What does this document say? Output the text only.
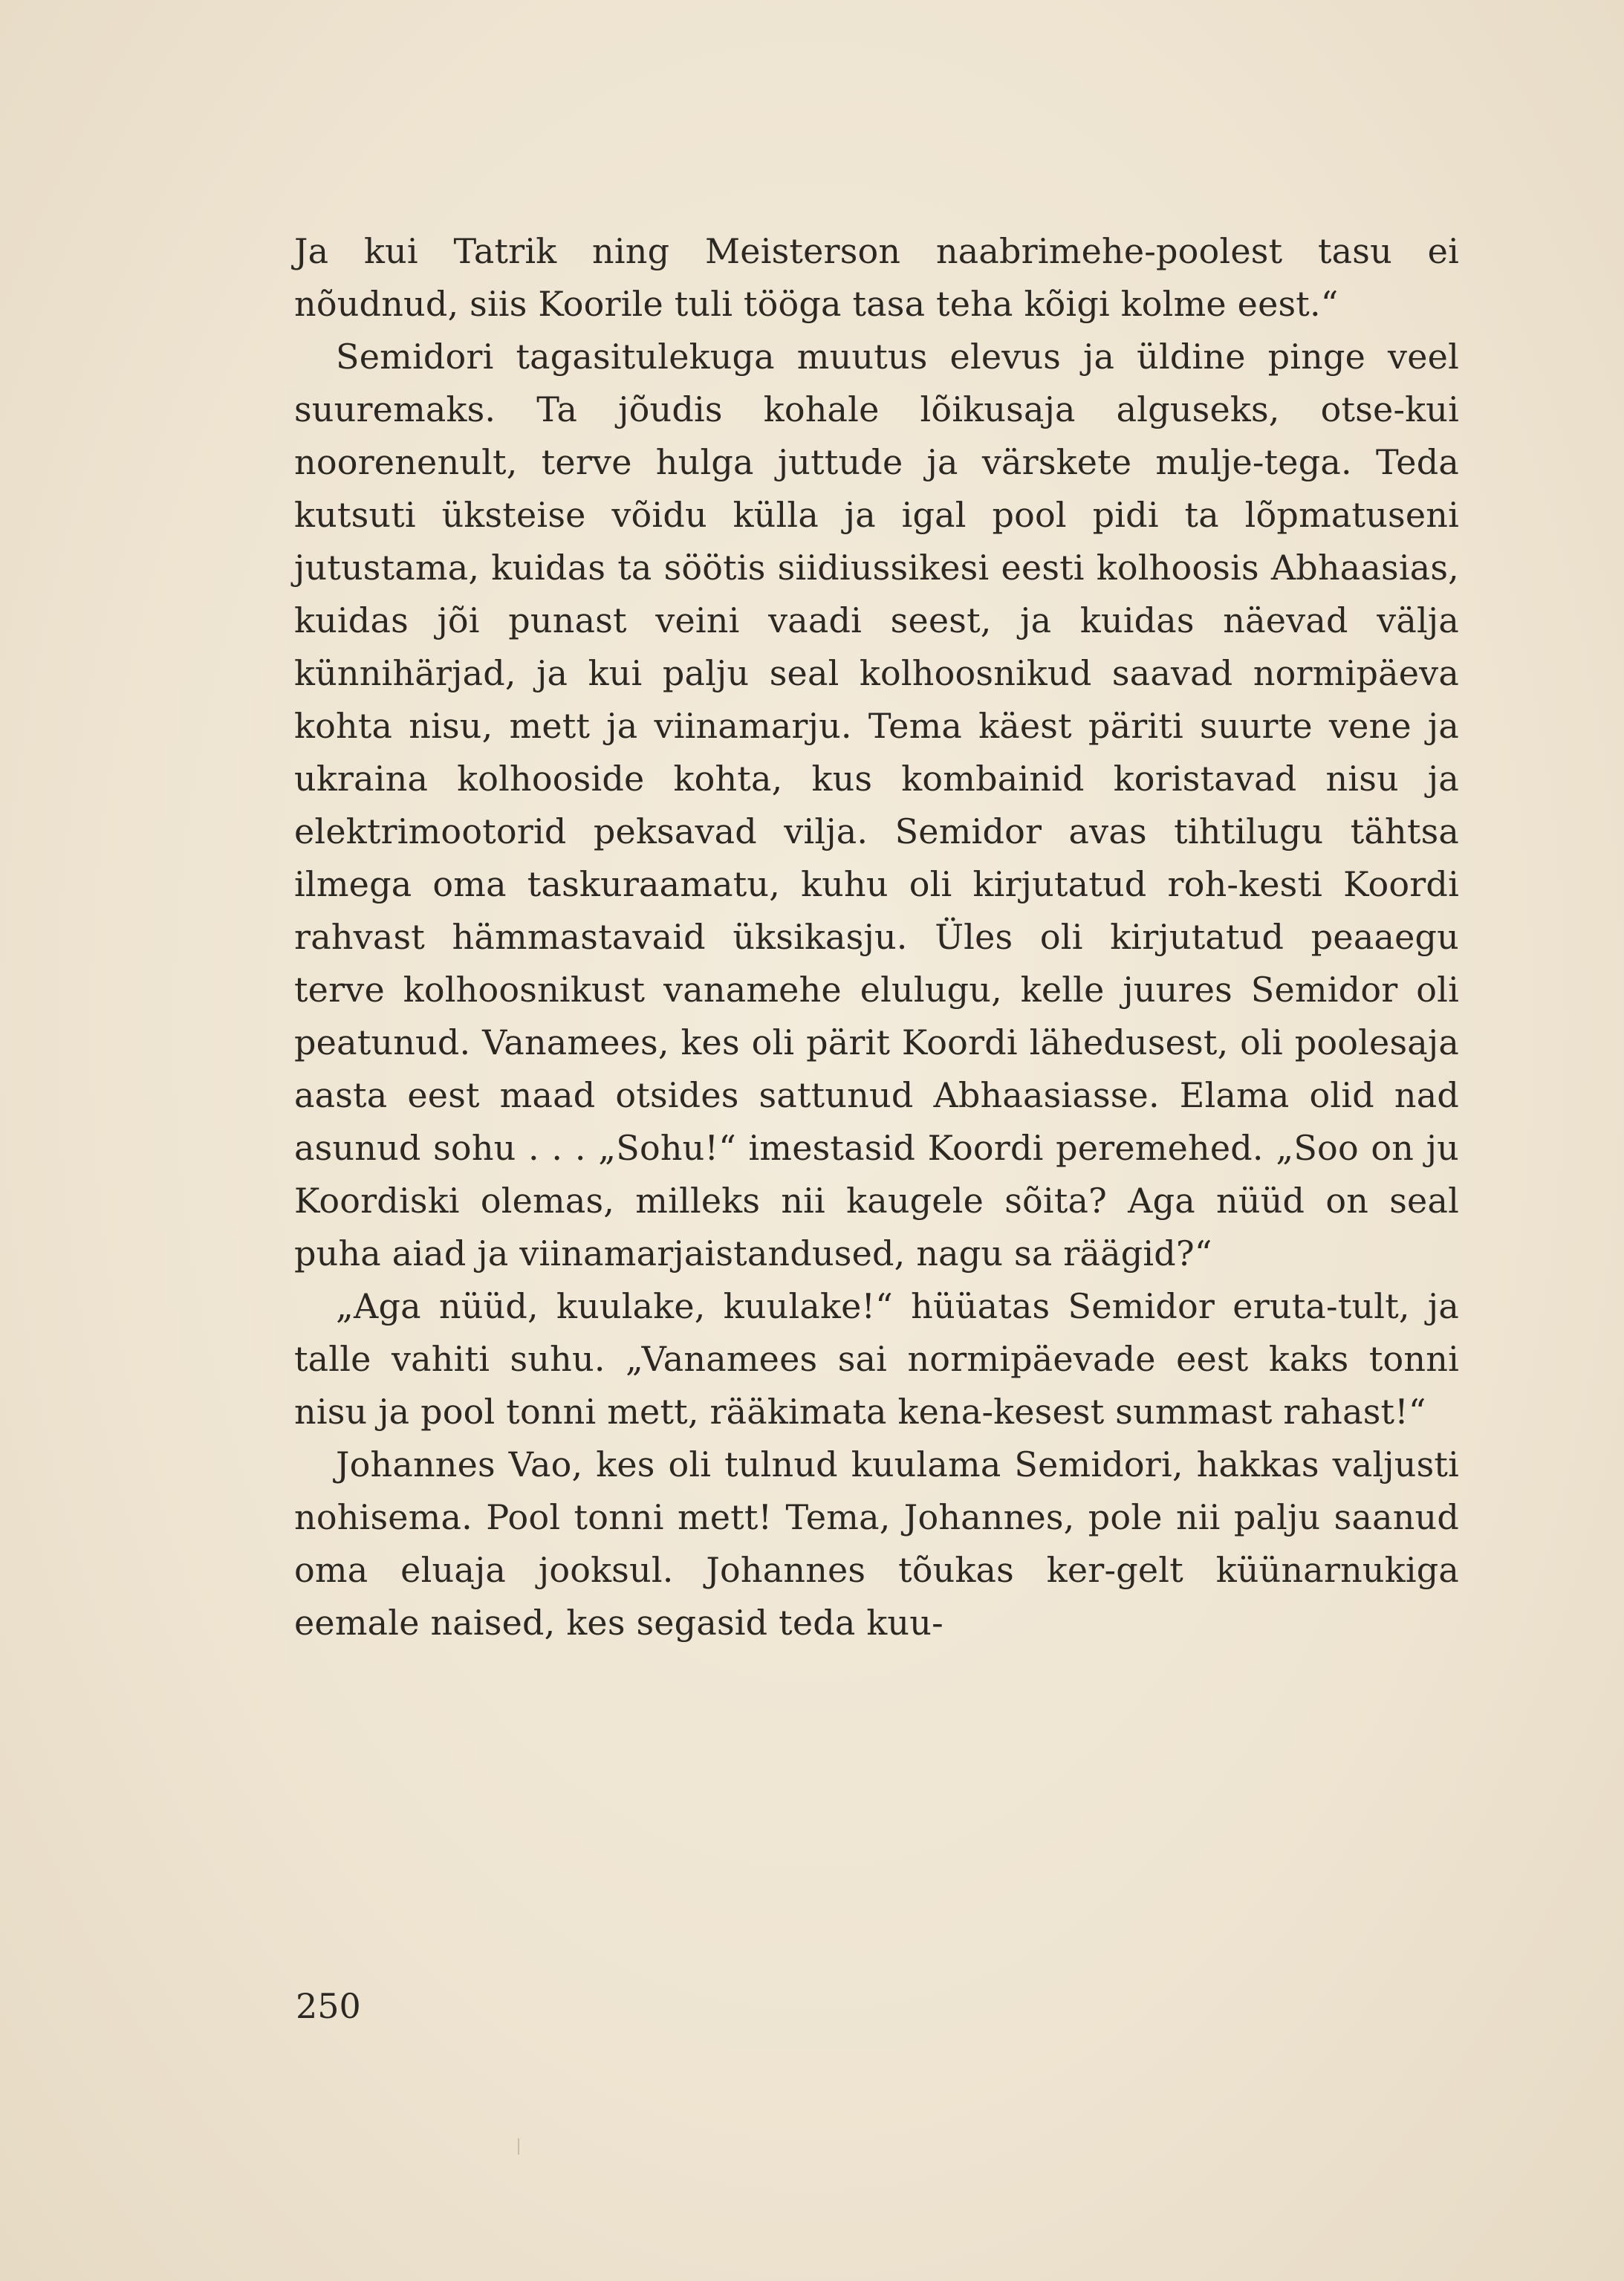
Ja kui Tatrik ning Meisterson naabrimehe-poolest tasu ei nõudnud, siis Koorile tuli tööga tasa teha kõigi kolme eest.“

Semidori tagasitulekuga muutus elevus ja üldine pinge veel suuremaks. Ta jõudis kohale lõikusaja alguseks, otse-kui noorenenult, terve hulga juttude ja värskete mulje-tega. Teda kutsuti üksteise võidu külla ja igal pool pidi ta lõpmatuseni jutustama, kuidas ta söötis siidiussikesi eesti kolhoosis Abhaasias, kuidas jõi punast veini vaadi seest, ja kuidas näevad välja künnihärjad, ja kui palju seal kolhoosnikud saavad normipäeva kohta nisu, mett ja viinamarju. Tema käest päriti suurte vene ja ukraina kolhooside kohta, kus kombainid koristavad nisu ja elektrimootorid peksavad vilja. Semidor avas tihtilugu tähtsa ilmega oma taskuraamatu, kuhu oli kirjutatud roh-kesti Koordi rahvast hämmastavaid üksikasju. Üles oli kirjutatud peaaegu terve kolhoosnikust vanamehe elulugu, kelle juures Semidor oli peatunud. Vanamees, kes oli pärit Koordi lähedusest, oli poolesaja aasta eest maad otsides sattunud Abhaasiasse. Elama olid nad asunud sohu . . . „Sohu!“ imestasid Koordi peremehed. „Soo on ju Koordiski olemas, milleks nii kaugele sõita? Aga nüüd on seal puha aiad ja viinamarjaistandused, nagu sa räägid?“

„Aga nüüd, kuulake, kuulake!“ hüüatas Semidor eruta-tult, ja talle vahiti suhu. „Vanamees sai normipäevade eest kaks tonni nisu ja pool tonni mett, rääkimata kena-kesest summast rahast!“

Johannes Vao, kes oli tulnud kuulama Semidori, hakkas valjusti nohisema. Pool tonni mett! Tema, Johannes, pole nii palju saanud oma eluaja jooksul. Johannes tõukas ker-gelt küünarnukiga eemale naised, kes segasid teda kuu-

250
